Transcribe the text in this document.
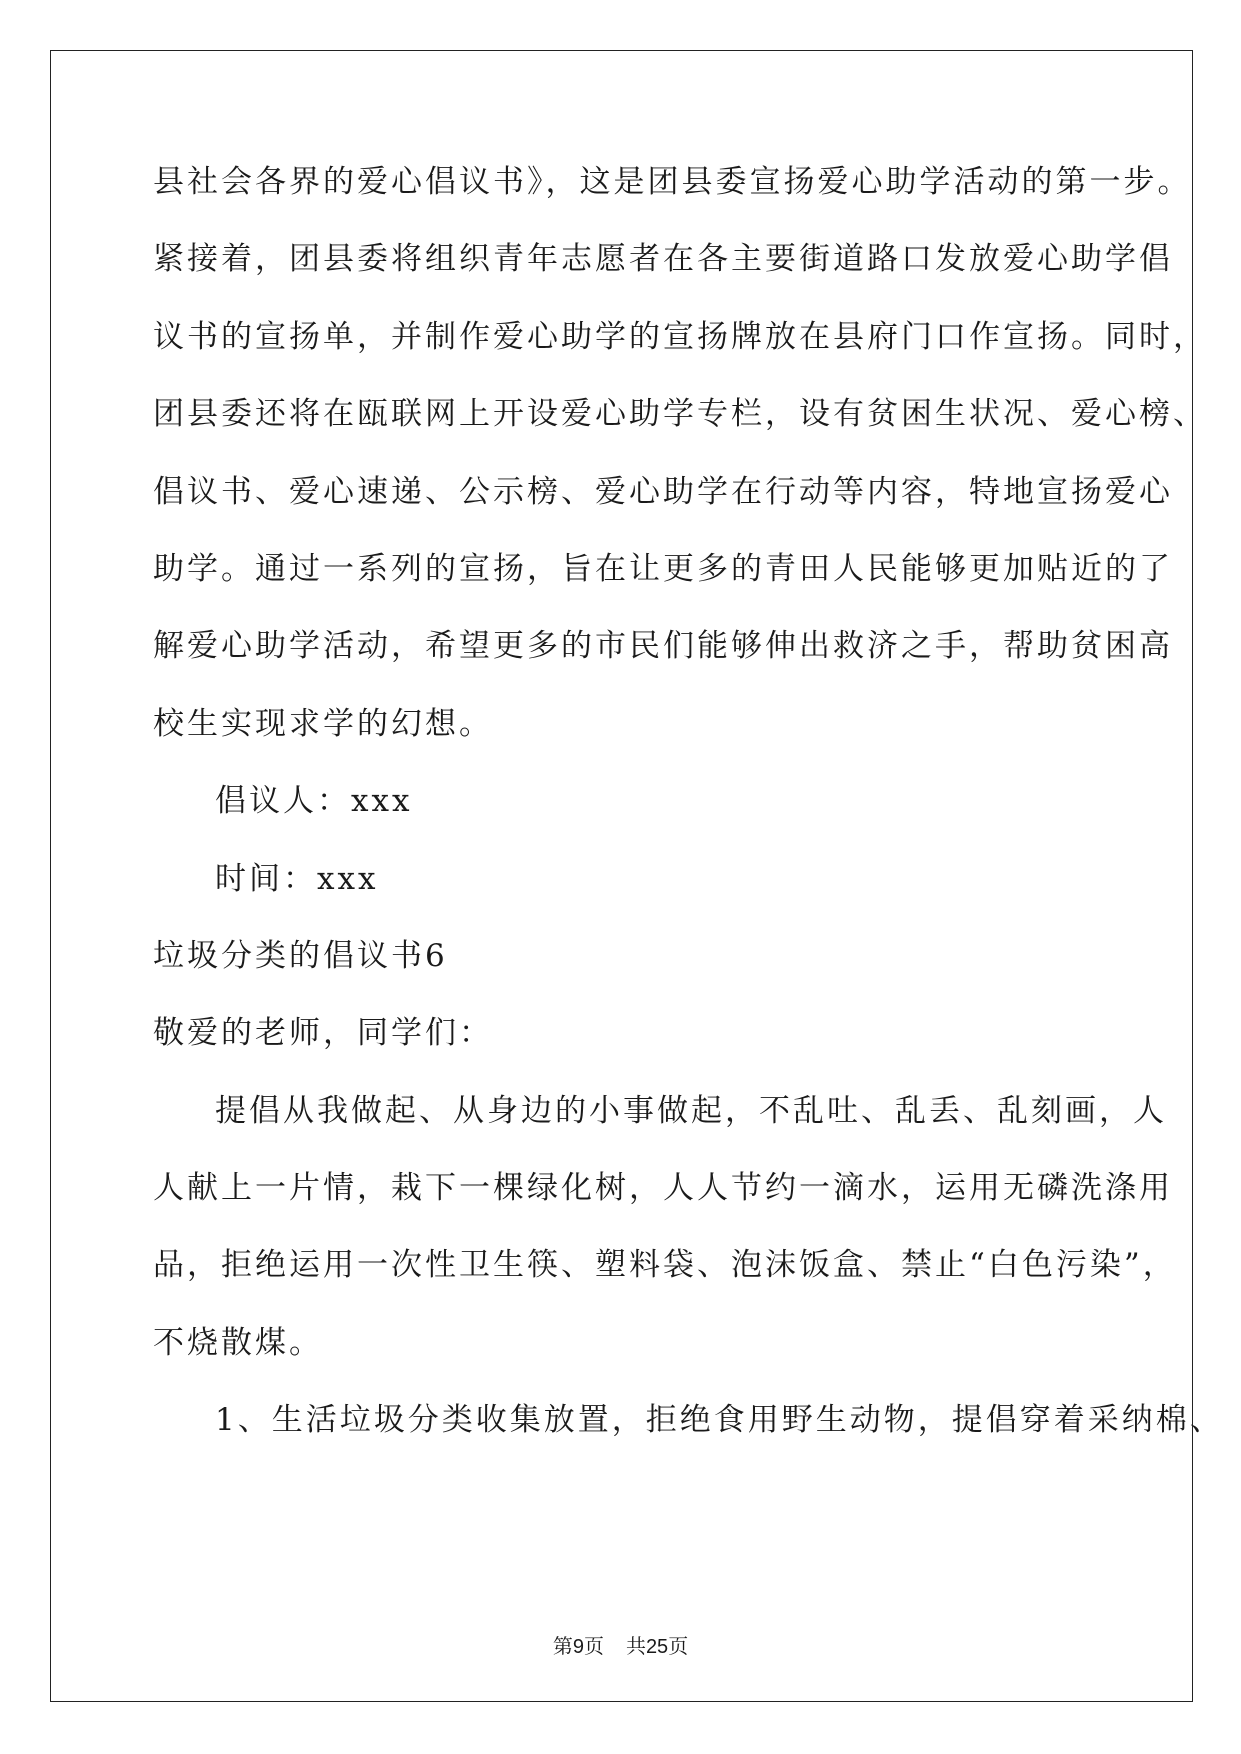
县社会各界的爱心倡议书》，这是团县委宣扬爱心助学活动的第一步。
紧接着，团县委将组织青年志愿者在各主要街道路口发放爱心助学倡
议书的宣扬单，并制作爱心助学的宣扬牌放在县府门口作宣扬。同时，
团县委还将在瓯联网上开设爱心助学专栏，设有贫困生状况、爱心榜、
倡议书、爱心速递、公示榜、爱心助学在行动等内容，特地宣扬爱心
助学。通过一系列的宣扬，旨在让更多的青田人民能够更加贴近的了
解爱心助学活动，希望更多的市民们能够伸出救济之手，帮助贫困高
校生实现求学的幻想。
倡议人：xxx
时间：xxx
垃圾分类的倡议书6
敬爱的老师，同学们：
提倡从我做起、从身边的小事做起，不乱吐、乱丢、乱刻画，人
人献上一片情，栽下一棵绿化树，人人节约一滴水，运用无磷洗涤用
品，拒绝运用一次性卫生筷、塑料袋、泡沫饭盒、禁止“白色污染”，
不烧散煤。
1、生活垃圾分类收集放置，拒绝食用野生动物，提倡穿着采纳棉、
第9页 共25页
